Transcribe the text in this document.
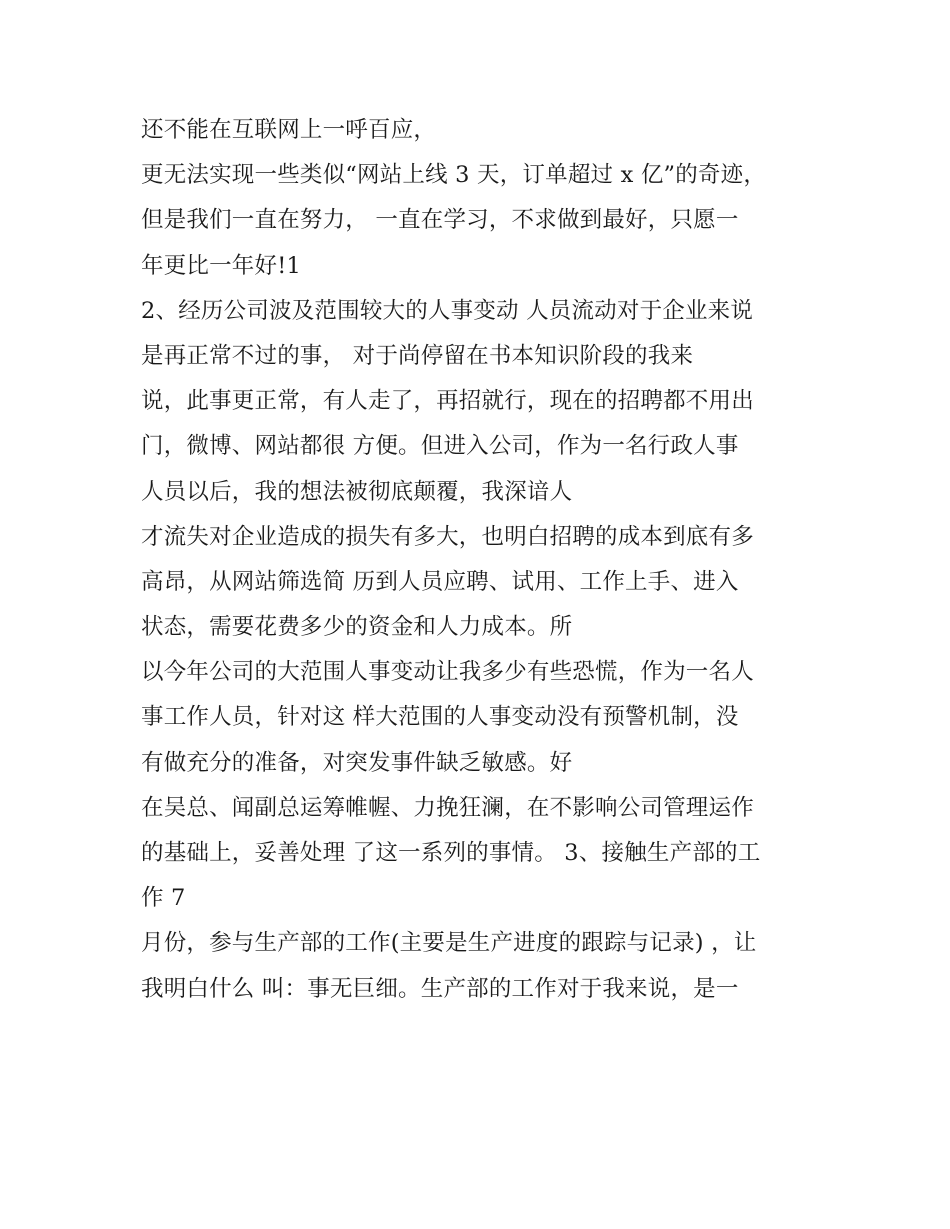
还不能在互联网上一呼百应，
更无法实现一些类似“网站上线 3 天，订单超过 x 亿”的奇迹，
但是我们一直在努力， 一直在学习，不求做到最好，只愿一
年更比一年好!1
2、经历公司波及范围较大的人事变动 人员流动对于企业来说
是再正常不过的事， 对于尚停留在书本知识阶段的我来
说，此事更正常，有人走了，再招就行，现在的招聘都不用出
门，微博、网站都很 方便。但进入公司，作为一名行政人事
人员以后，我的想法被彻底颠覆，我深谙人
才流失对企业造成的损失有多大，也明白招聘的成本到底有多
高昂，从网站筛选简 历到人员应聘、试用、工作上手、进入
状态，需要花费多少的资金和人力成本。所
以今年公司的大范围人事变动让我多少有些恐慌，作为一名人
事工作人员，针对这 样大范围的人事变动没有预警机制，没
有做充分的准备，对突发事件缺乏敏感。好
在吴总、闻副总运筹帷幄、力挽狂澜，在不影响公司管理运作
的基础上，妥善处理 了这一系列的事情。 3、接触生产部的工
作 7
月份，参与生产部的工作(主要是生产进度的跟踪与记录) ，让
我明白什么 叫：事无巨细。生产部的工作对于我来说，是一
